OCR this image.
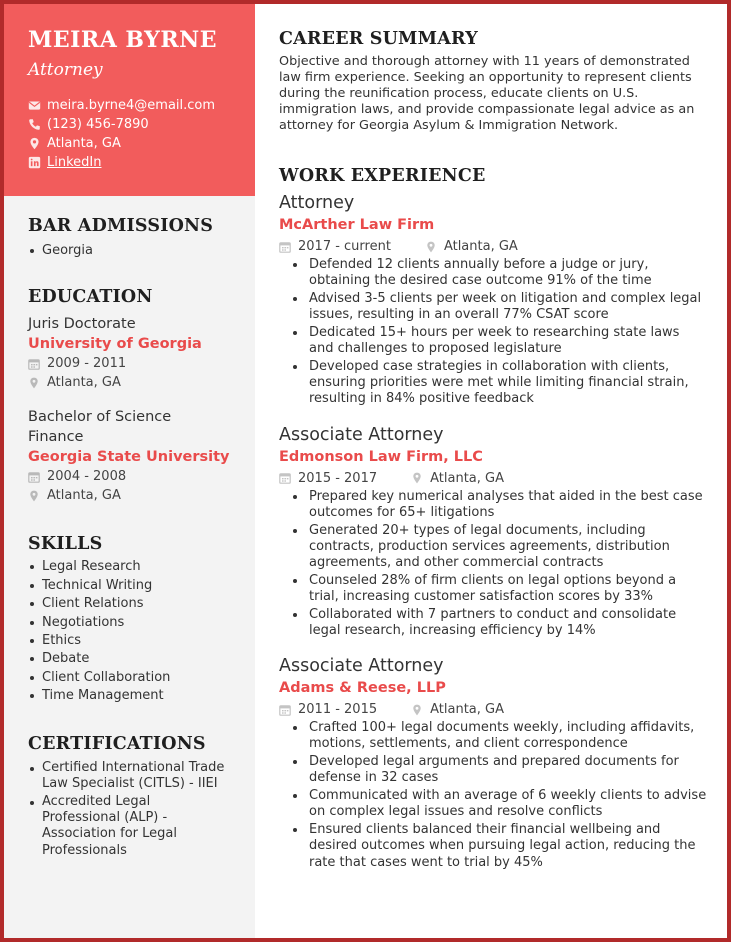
MEIRA BYRNE
Attorney
meira.byrne4@email.com
(123) 456-7890
Atlanta, GA
LinkedIn
BAR ADMISSIONS
Georgia
EDUCATION
Juris Doctorate
University of Georgia
2009 - 2011
Atlanta, GA
Bachelor of Science
Finance
Georgia State University
2004 - 2008
Atlanta, GA
SKILLS
Legal Research
Technical Writing
Client Relations
Negotiations
Ethics
Debate
Client Collaboration
Time Management
CERTIFICATIONS
Certified International Trade Law Specialist (CITLS) - IIEI
Accredited Legal Professional (ALP) - Association for Legal Professionals
CAREER SUMMARY
Objective and thorough attorney with 11 years of demonstrated law firm experience. Seeking an opportunity to represent clients during the reunification process, educate clients on U.S. immigration laws, and provide compassionate legal advice as an attorney for Georgia Asylum & Immigration Network.
WORK EXPERIENCE
Attorney
McArther Law Firm
2017 - current	Atlanta, GA
Defended 12 clients annually before a judge or jury, obtaining the desired case outcome 91% of the time
Advised 3-5 clients per week on litigation and complex legal issues, resulting in an overall 77% CSAT score
Dedicated 15+ hours per week to researching state laws and challenges to proposed legislature
Developed case strategies in collaboration with clients, ensuring priorities were met while limiting financial strain, resulting in 84% positive feedback
Associate Attorney
Edmonson Law Firm, LLC
2015 - 2017	Atlanta, GA
Prepared key numerical analyses that aided in the best case outcomes for 65+ litigations
Generated 20+ types of legal documents, including contracts, production services agreements, distribution agreements, and other commercial contracts
Counseled 28% of firm clients on legal options beyond a trial, increasing customer satisfaction scores by 33%
Collaborated with 7 partners to conduct and consolidate legal research, increasing efficiency by 14%
Associate Attorney
Adams & Reese, LLP
2011 - 2015	Atlanta, GA
Crafted 100+ legal documents weekly, including affidavits, motions, settlements, and client correspondence
Developed legal arguments and prepared documents for defense in 32 cases
Communicated with an average of 6 weekly clients to advise on complex legal issues and resolve conflicts
Ensured clients balanced their financial wellbeing and desired outcomes when pursuing legal action, reducing the rate that cases went to trial by 45%
